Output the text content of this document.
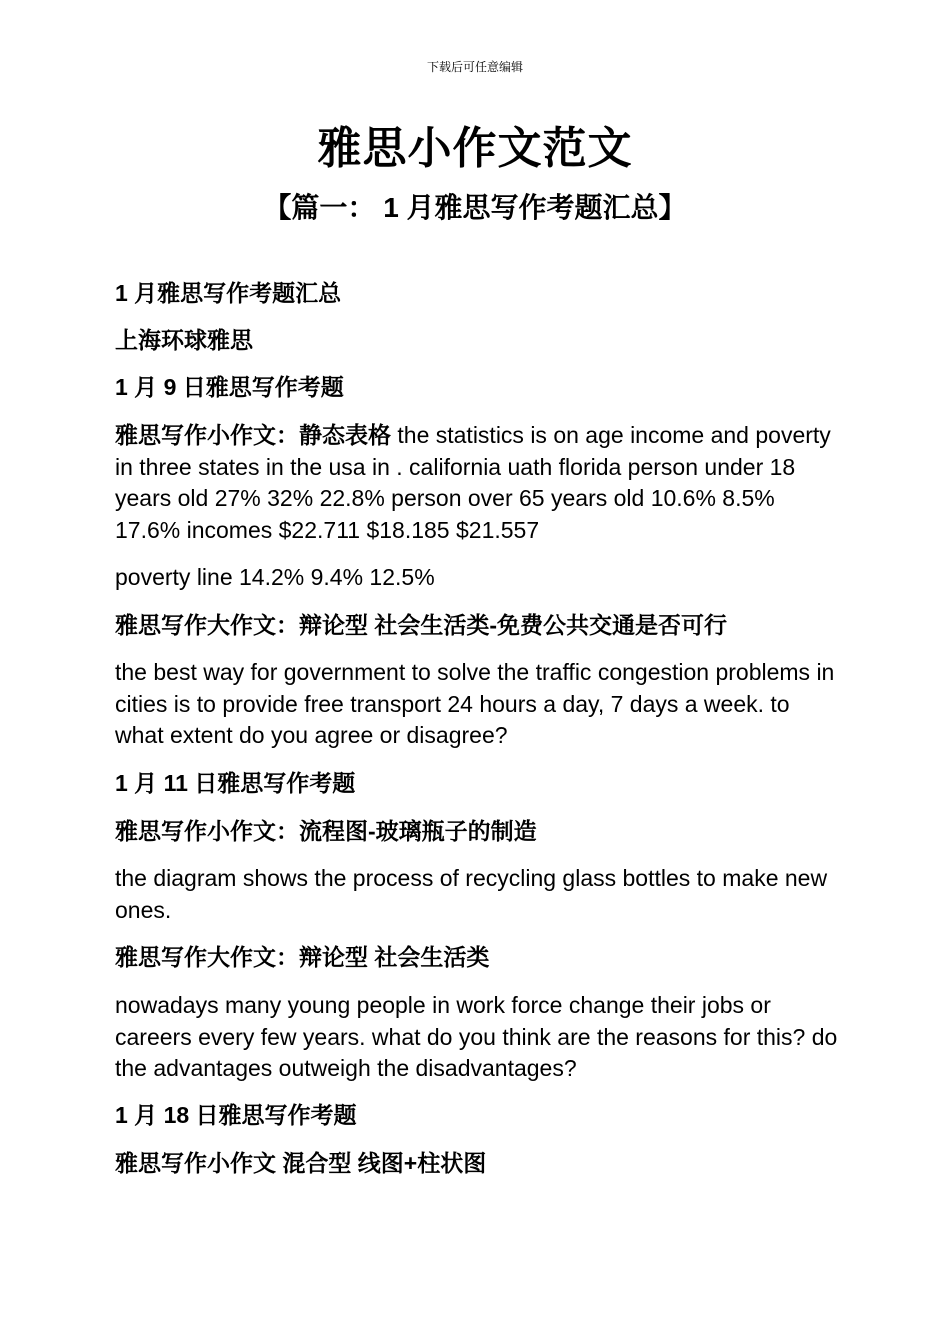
下载后可任意编辑
雅思小作文范文
【篇一： 1 月雅思写作考题汇总】

1 月雅思写作考题汇总

上海环球雅思

1 月 9 日雅思写作考题

雅思写作小作文：静态表格 the statistics is on age income and poverty in three states in the usa in . california uath florida person under 18 years old 27% 32% 22.8% person over 65 years old 10.6% 8.5% 17.6% incomes $22.711 $18.185 $21.557

poverty line 14.2% 9.4% 12.5%

雅思写作大作文：辩论型 社会生活类-免费公共交通是否可行

the best way for government to solve the traffic congestion problems in cities is to provide free transport 24 hours a day, 7 days a week. to what extent do you agree or disagree?

1 月 11 日雅思写作考题

雅思写作小作文：流程图-玻璃瓶子的制造

the diagram shows the process of recycling glass bottles to make new ones.

雅思写作大作文：辩论型 社会生活类

nowadays many young people in work force change their jobs or careers every few years. what do you think are the reasons for this? do the advantages outweigh the disadvantages?

1 月 18 日雅思写作考题

雅思写作小作文 混合型 线图+柱状图
